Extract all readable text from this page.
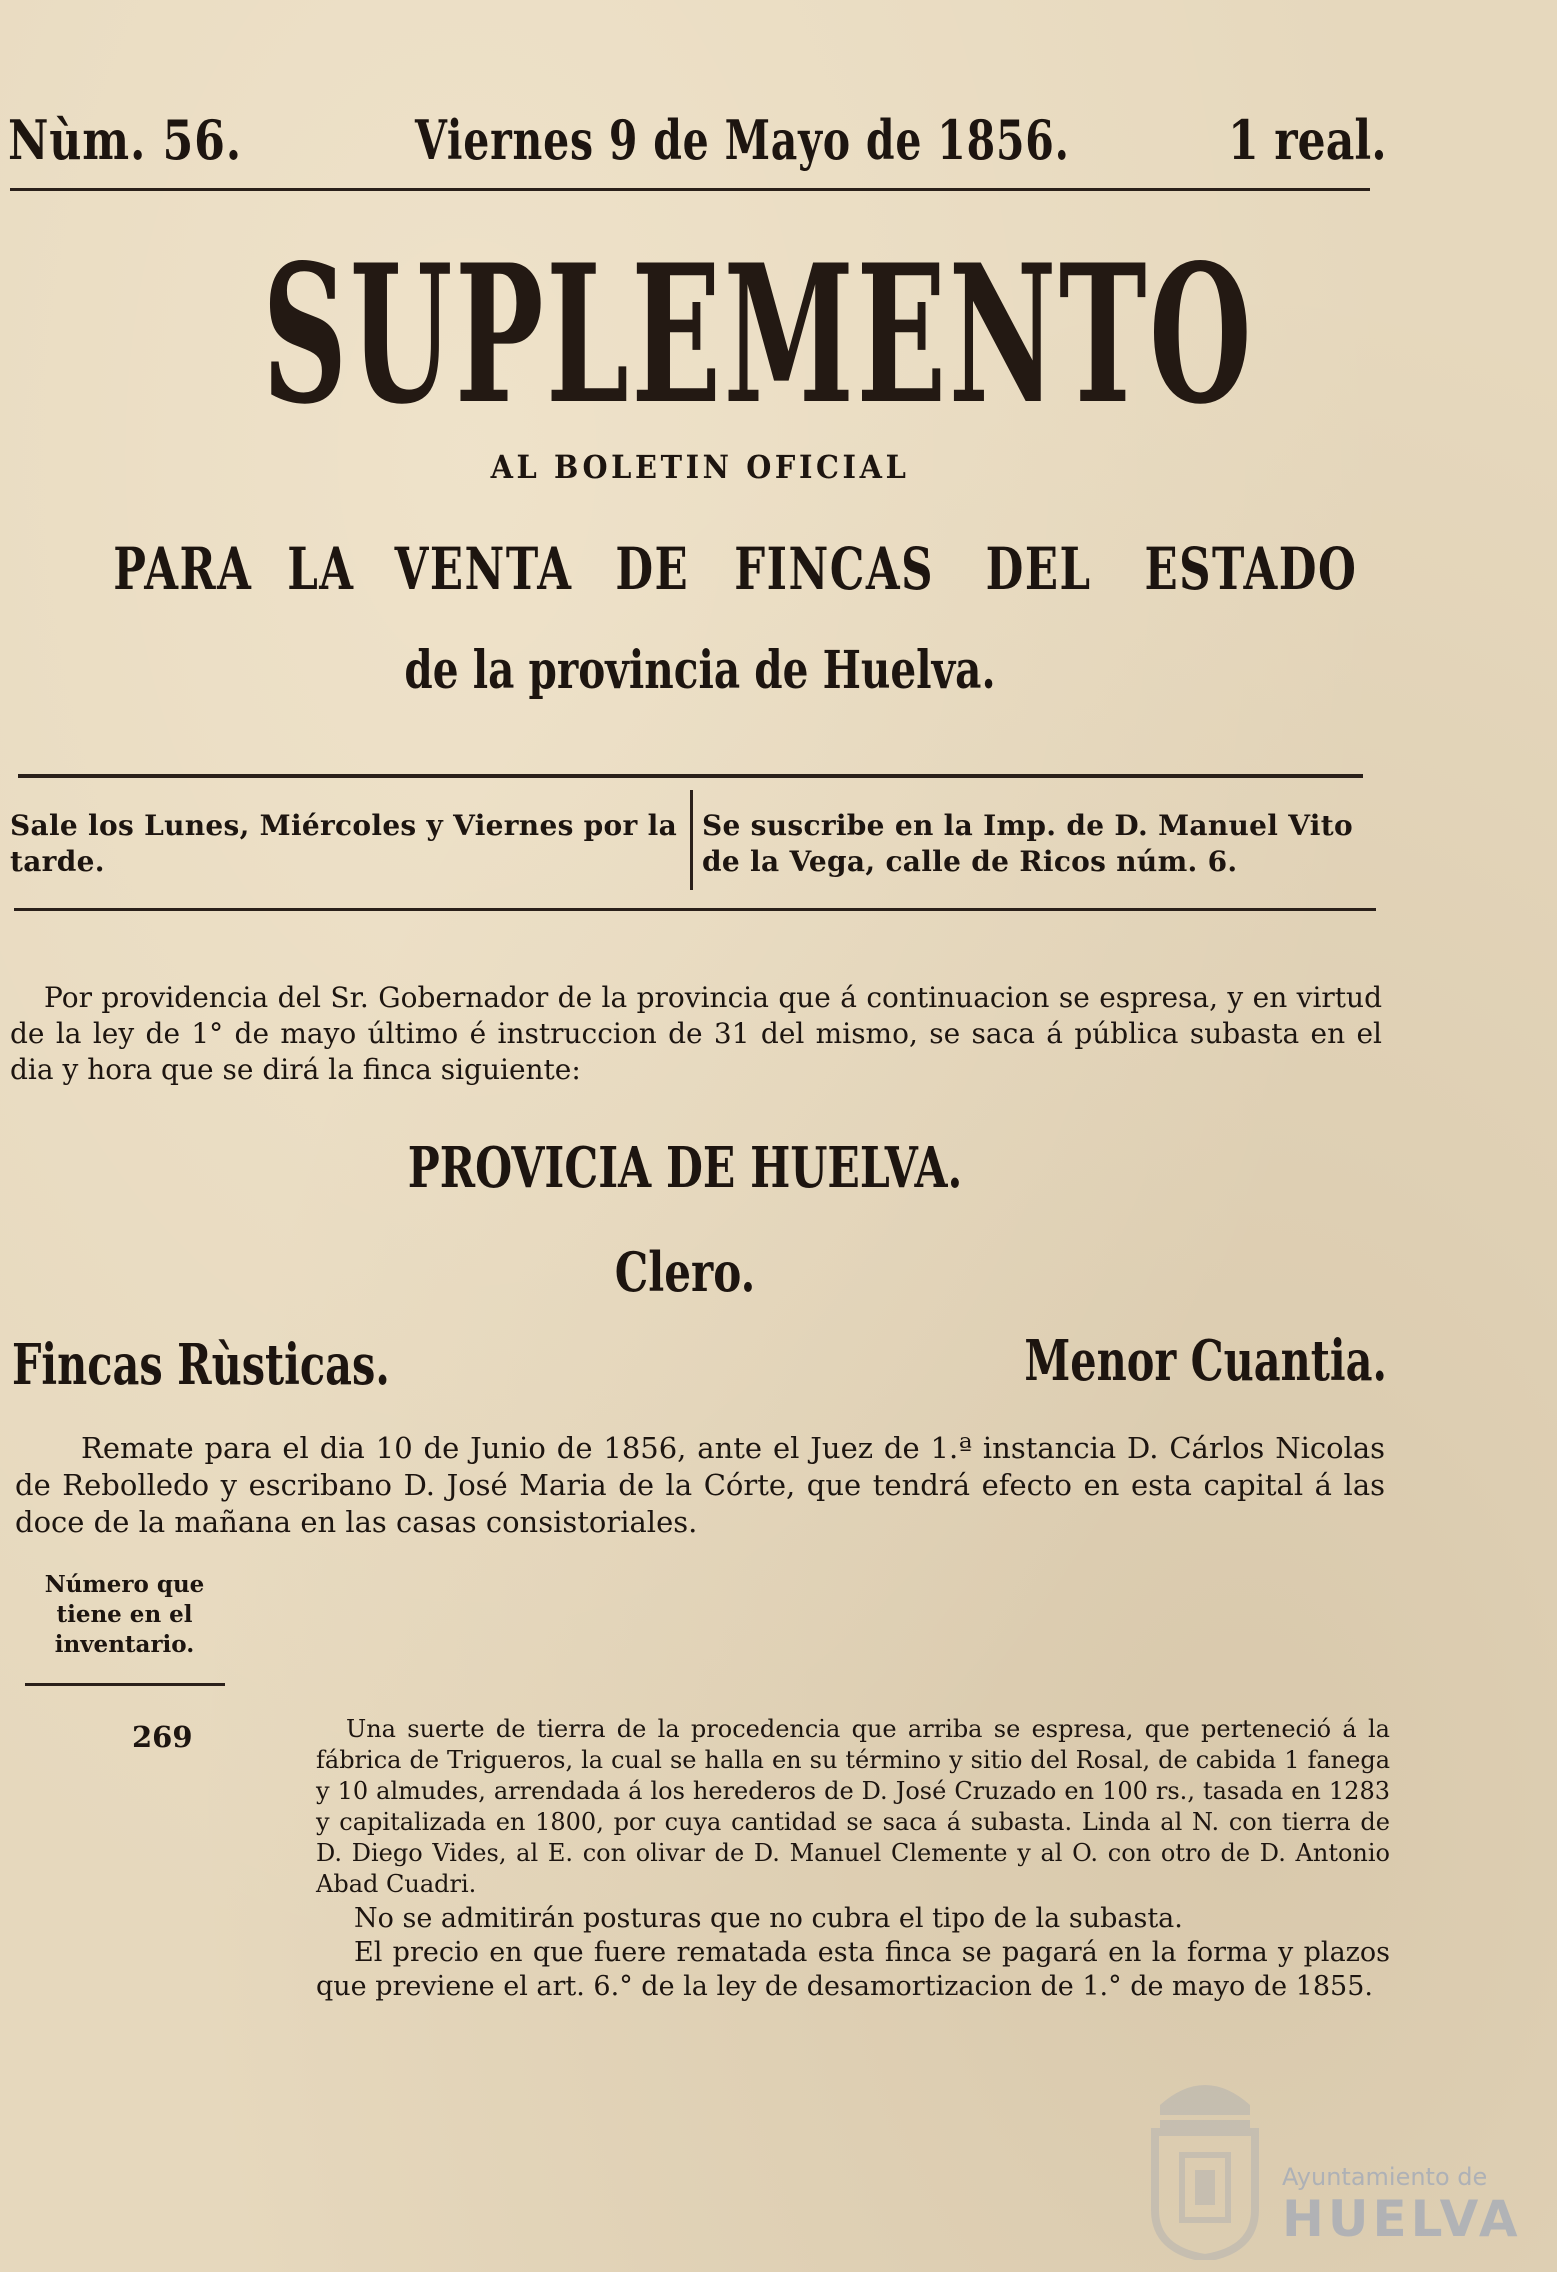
Nùm. 56.	Viernes 9 de Mayo de 1856.	1 real.
SUPLEMENTO
AL BOLETIN OFICIAL
PARA LA VENTA DE FINCAS DEL ESTADO
de la provincia de Huelva.
Sale los Lunes, Miércoles y Viernes por la tarde.
Se suscribe en la Imp. de D. Manuel Vito de la Vega, calle de Ricos núm. 6.
Por providencia del Sr. Gobernador de la provincia que á continuacion se espresa, y en virtud de la ley de 1° de mayo último é instruccion de 31 del mismo, se saca á pública subasta en el dia y hora que se dirá la finca siguiente:
PROVICIA DE HUELVA.
Clero.
Fincas Rùsticas.	Menor Cuantia.
Remate para el dia 10 de Junio de 1856, ante el Juez de 1.ª instancia D. Cárlos Nicolas de Rebolledo y escribano D. José Maria de la Córte, que tendrá efecto en esta capital á las doce de la mañana en las casas consistoriales.
Número que tiene en el inventario.
269	Una suerte de tierra de la procedencia que arriba se espresa, que perteneció á la fábrica de Trigueros, la cual se halla en su término y sitio del Rosal, de cabida 1 fanega y 10 almudes, arrendada á los herederos de D. José Cruzado en 100 rs., tasada en 1283 y capitalizada en 1800, por cuya cantidad se saca á subasta. Linda al N. con tierra de D. Diego Vides, al E. con olivar de D. Manuel Clemente y al O. con otro de D. Antonio Abad Cuadri.
No se admitirán posturas que no cubra el tipo de la subasta.
El precio en que fuere rematada esta finca se pagará en la forma y plazos que previene el art. 6.° de la ley de desamortizacion de 1.° de mayo de 1855.
Ayuntamiento de
HUELVA
